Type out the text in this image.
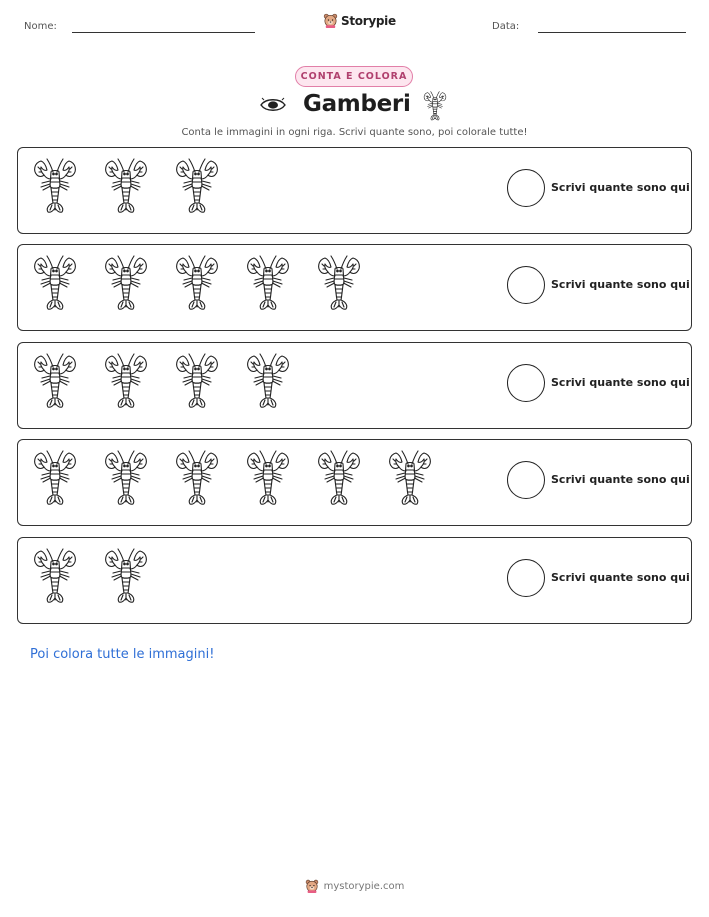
Nome:	Storypie	Data:
CONTA E COLORA
Gamberi
Conta le immagini in ogni riga. Scrivi quante sono, poi colorale tutte!
Scrivi quante sono qui
Scrivi quante sono qui
Scrivi quante sono qui
Scrivi quante sono qui
Scrivi quante sono qui
Poi colora tutte le immagini!
mystorypie.com
